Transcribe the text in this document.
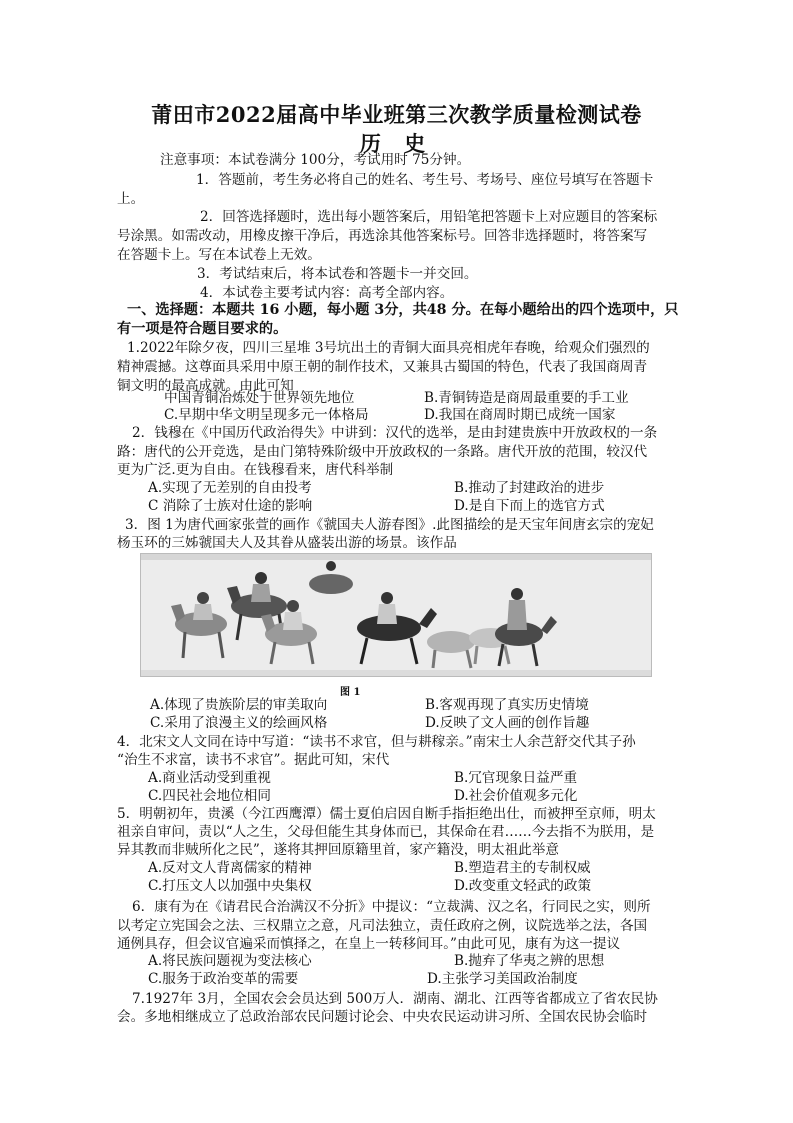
莆田市2022届高中毕业班第三次教学质量检测试卷
历 史
注意事项：本试卷满分 100分，考试用时 75分钟。
1．答题前，考生务必将自己的姓名、考生号、考场号、座位号填写在答题卡
上。
2．回答选择题时，选出每小题答案后，用铅笔把答题卡上对应题目的答案标
号涂黑。如需改动，用橡皮擦干净后，再选涂其他答案标号。回答非选择题时，将答案写
在答题卡上。写在本试卷上无效。
3．考试结束后，将本试卷和答题卡一并交回。
4．本试卷主要考试内容：高考全部内容。
一、选择题：本题共 16 小题，每小题 3分，共48 分。在每小题给出的四个选项中，只
有一项是符合题目要求的。
1.2022年除夕夜，四川三星堆 3号坑出土的青铜大面具亮相虎年春晚，给观众们强烈的
精神震撼。这尊面具采用中原王朝的制作技术，又兼具古蜀国的特色，代表了我国商周青
铜文明的最高成就。由此可知
中国青铜冶炼处于世界领先地位	B.青铜铸造是商周最重要的手工业
C.早期中华文明呈现多元一体格局	D.我国在商周时期已成统一国家
2．钱穆在《中国历代政治得失》中讲到：汉代的选举，是由封建贵族中开放政权的一条
路：唐代的公开竞选，是由门第特殊阶级中开放政权的一条路。唐代开放的范围，较汉代
更为广泛.更为自由。在钱穆看来，唐代科举制
A.实现了无差别的自由投考	B.推动了封建政治的进步
C 消除了士族对仕途的影响	D.是自下而上的选官方式
3．图 1为唐代画家张萱的画作《虢国夫人游春图》.此图描绘的是天宝年间唐玄宗的宠妃
杨玉环的三姊虢国夫人及其眷从盛装出游的场景。该作品
图 1
A.体现了贵族阶层的审美取向	B.客观再现了真实历史情境
C.采用了浪漫主义的绘画风格	D.反映了文人画的创作旨趣
4．北宋文人文同在诗中写道：“读书不求官，但与耕稼亲。”南宋士人余芑舒交代其子孙
“治生不求富，读书不求官”。据此可知，宋代
A.商业活动受到重视	B.冗官现象日益严重
C.四民社会地位相同	D.社会价值观多元化
5．明朝初年，贵溪（今江西鹰潭）儒士夏伯启因自断手指拒绝出仕，而被押至京师，明太
祖亲自审问，责以“人之生，父母但能生其身体而已，其保命在君……今去指不为朕用，是
异其教而非贼所化之民”，遂将其押回原籍里首，家产籍没，明太祖此举意
A.反对文人背离儒家的精神	B.塑造君主的专制权威
C.打压文人以加强中央集权	D.改变重文轻武的政策
6．康有为在《请君民合治满汉不分折》中提议：“立裁满、汉之名，行同民之实，则所
以考定立宪国会之法、三权鼎立之意，凡司法独立，责任政府之例，议院选举之法，各国
通例具存，但会议官遍采而慎择之，在皇上一转移间耳。”由此可见，康有为这一提议
A.将民族问题视为变法核心	B.抛弃了华夷之辨的思想
C.服务于政治变革的需要	D.主张学习美国政治制度
7.1927年 3月，全国农会会员达到 500万人．湖南、湖北、江西等省都成立了省农民协
会。多地相继成立了总政治部农民问题讨论会、中央农民运动讲习所、全国农民协会临时
